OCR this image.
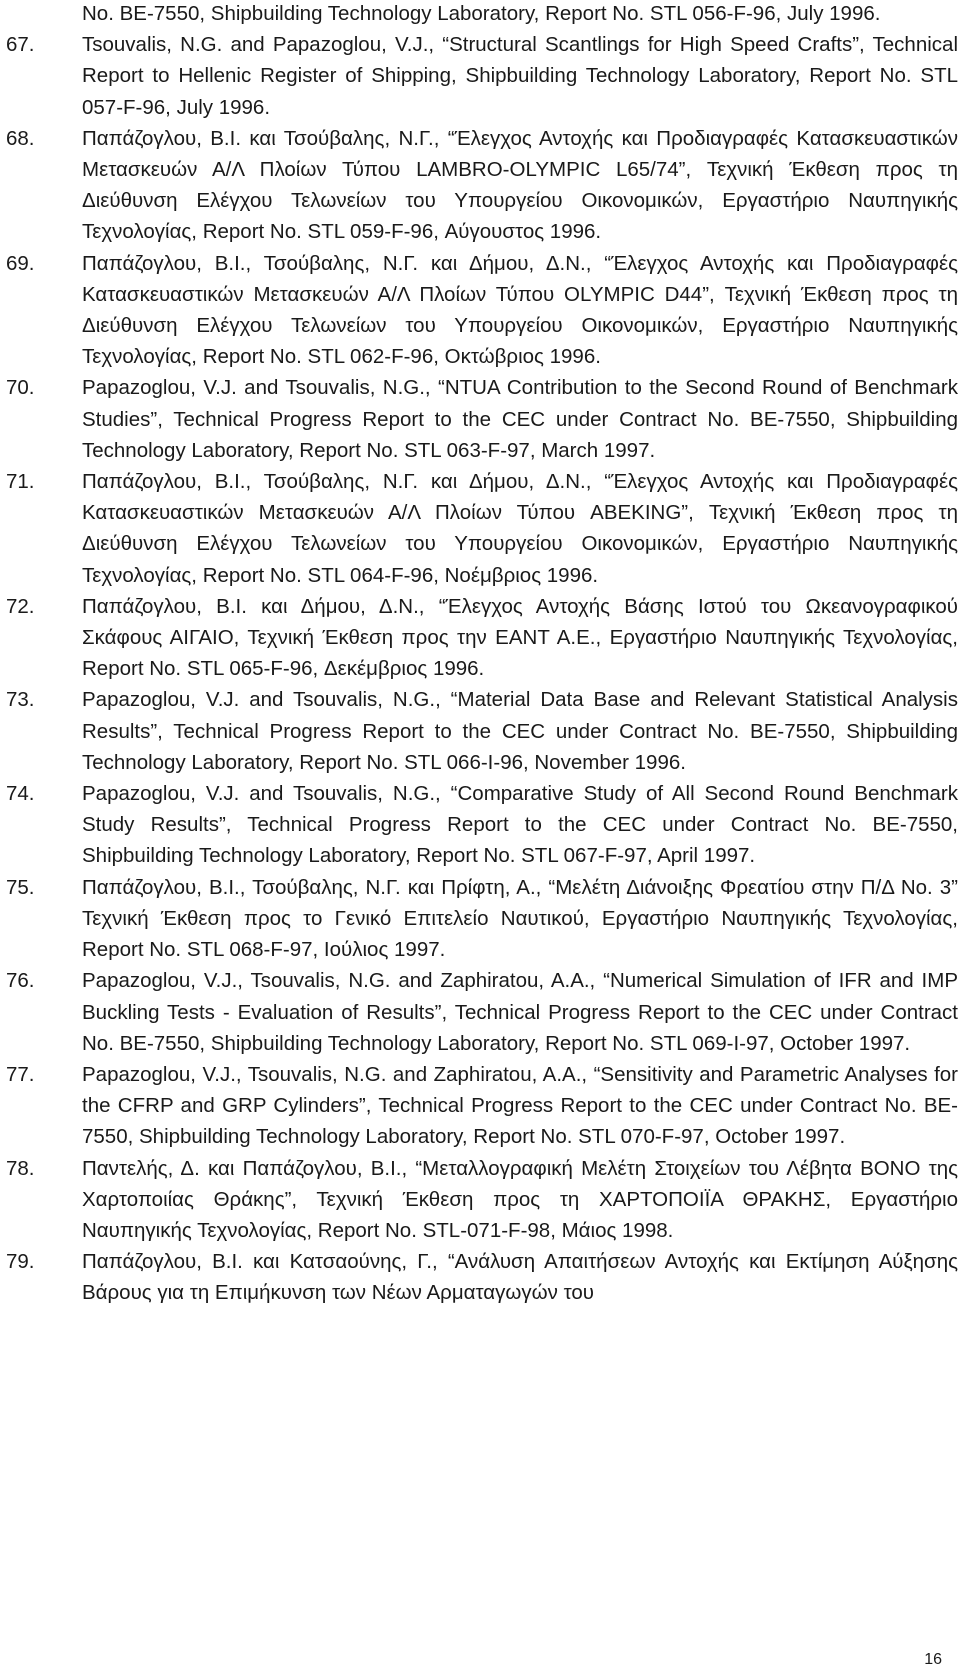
No. BE-7550, Shipbuilding Technology Laboratory, Report No. STL 056-F-96, July 1996.
67.	Tsouvalis, N.G. and Papazoglou, V.J., “Structural Scantlings for High Speed Crafts”, Technical Report to Hellenic Register of Shipping, Shipbuilding Technology Laboratory, Report No. STL 057-F-96, July 1996.
68.	Παπάζογλου, Β.Ι. και Τσούβαλης, Ν.Γ., “Έλεγχος Αντοχής και Προδιαγραφές Κατασκευαστικών Μετασκευών Α/Λ Πλοίων Τύπου LAMBRO-OLYMPIC L65/74”, Τεχνική Έκθεση προς τη Διεύθυνση Ελέγχου Τελωνείων του Υπουργείου Οικονομικών, Εργαστήριο Ναυπηγικής Τεχνολογίας, Report No. STL 059-F-96, Αύγουστος 1996.
69.	Παπάζογλου, Β.Ι., Τσούβαλης, Ν.Γ. και Δήμου, Δ.Ν., “Έλεγχος Αντοχής και Προδιαγραφές Κατασκευαστικών Μετασκευών Α/Λ Πλοίων Τύπου OLYMPIC D44”, Τεχνική Έκθεση προς τη Διεύθυνση Ελέγχου Τελωνείων του Υπουργείου Οικονομικών, Εργαστήριο Ναυπηγικής Τεχνολογίας, Report No. STL 062-F-96, Οκτώβριος 1996.
70.	Papazoglou, V.J. and Tsouvalis, N.G., “NTUA Contribution to the Second Round of Benchmark Studies”, Technical Progress Report to the CEC under Contract No. BE-7550, Shipbuilding Technology Laboratory, Report No. STL 063-F-97, March 1997.
71.	Παπάζογλου, Β.Ι., Τσούβαλης, Ν.Γ. και Δήμου, Δ.Ν., “Έλεγχος Αντοχής και Προδιαγραφές Κατασκευαστικών Μετασκευών Α/Λ Πλοίων Τύπου ABEKING”, Τεχνική Έκθεση προς τη Διεύθυνση Ελέγχου Τελωνείων του Υπουργείου Οικονομικών, Εργαστήριο Ναυπηγικής Τεχνολογίας, Report No. STL 064-F-96, Νοέμβριος 1996.
72.	Παπάζογλου, Β.Ι. και Δήμου, Δ.Ν., “Έλεγχος Αντοχής Βάσης Ιστού του Ωκεανογραφικού Σκάφους ΑΙΓΑΙΟ, Τεχνική Έκθεση προς την ΕΑΝΤ Α.Ε., Εργαστήριο Ναυπηγικής Τεχνολογίας, Report No. STL 065-F-96, Δεκέμβριος 1996.
73.	Papazoglou, V.J. and Tsouvalis, N.G., “Material Data Base and Relevant Statistical Analysis Results”, Technical Progress Report to the CEC under Contract No. BE-7550, Shipbuilding Technology Laboratory, Report No. STL 066-I-96, November 1996.
74.	Papazoglou, V.J. and Tsouvalis, N.G., “Comparative Study of All Second Round Benchmark Study Results”, Technical Progress Report to the CEC under Contract No. BE-7550, Shipbuilding Technology Laboratory, Report No. STL 067-F-97, April 1997.
75.	Παπάζογλου, Β.Ι., Τσούβαλης, Ν.Γ. και Πρίφτη, Α., “Μελέτη Διάνοιξης Φρεατίου στην Π/Δ Νο. 3” Τεχνική Έκθεση προς το Γενικό Επιτελείο Ναυτικού, Εργαστήριο Ναυπηγικής Τεχνολογίας, Report No. STL 068-F-97, Ιούλιος 1997.
76.	Papazoglou, V.J., Tsouvalis, N.G. and Zaphiratou, A.A., “Numerical Simulation of IFR and IMP Buckling Tests - Evaluation of Results”, Technical Progress Report to the CEC under Contract No. BE-7550, Shipbuilding Technology Laboratory, Report No. STL 069-I-97, October 1997.
77.	Papazoglou, V.J., Tsouvalis, N.G. and Zaphiratou, A.A., “Sensitivity and Parametric Analyses for the CFRP and GRP Cylinders”, Technical Progress Report to the CEC under Contract No. BE-7550, Shipbuilding Technology Laboratory, Report No. STL 070-F-97, October 1997.
78.	Παντελής, Δ. και Παπάζογλου, Β.Ι., “Μεταλλογραφική Μελέτη Στοιχείων του Λέβητα ΒΟΝΟ της Χαρτοποιίας Θράκης”, Τεχνική Έκθεση προς τη ΧΑΡΤΟΠΟΙΪΑ ΘΡΑΚΗΣ, Εργαστήριο Ναυπηγικής Τεχνολογίας, Report No. STL-071-F-98, Μάιος 1998.
79.	Παπάζογλου, Β.Ι. και Κατσαούνης, Γ., “Ανάλυση Απαιτήσεων Αντοχής και Εκτίμηση Αύξησης Βάρους για τη Επιμήκυνση των Νέων Αρματαγωγών του
16
